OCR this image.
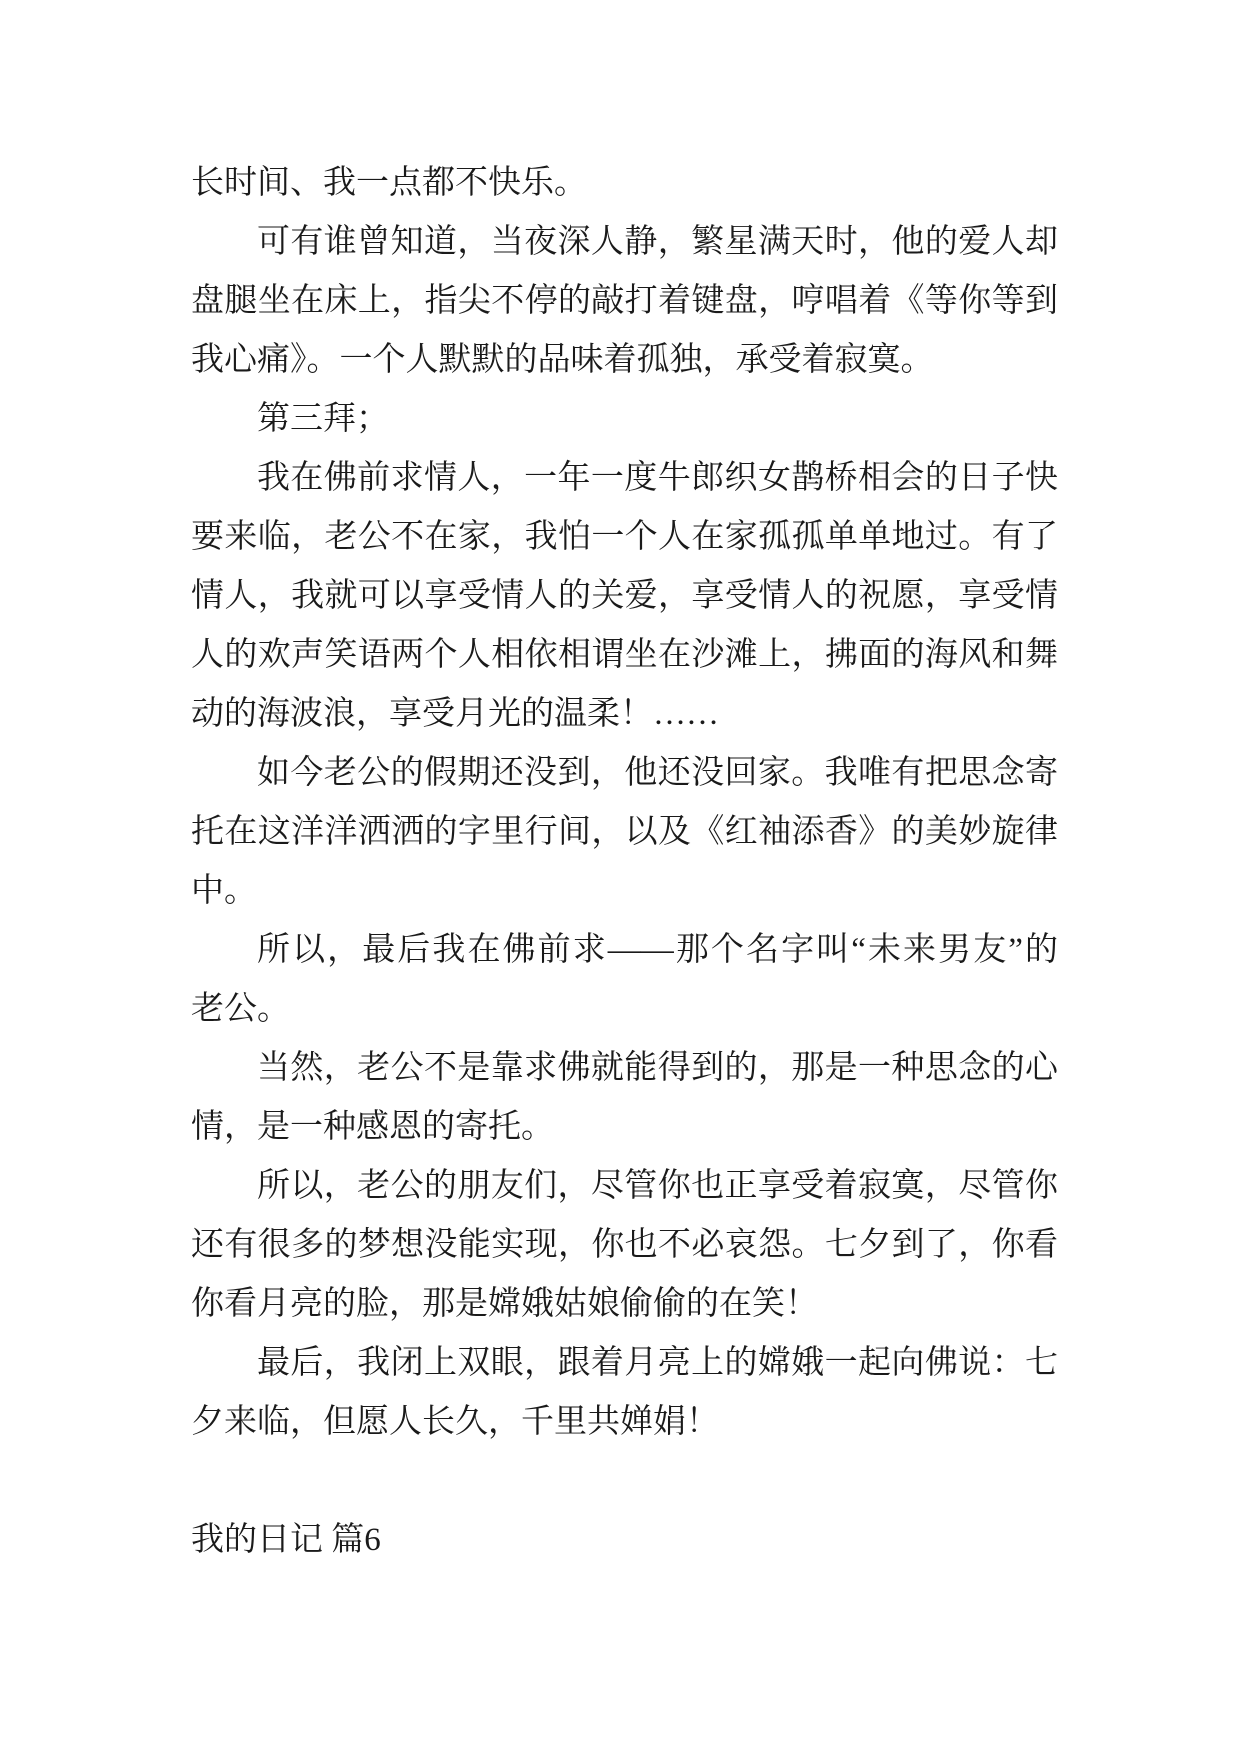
长时间、我一点都不快乐。
可有谁曾知道，当夜深人静，繁星满天时，他的爱人却
盘腿坐在床上，指尖不停的敲打着键盘，哼唱着《等你等到
我心痛》。一个人默默的品味着孤独，承受着寂寞。
第三拜；
我在佛前求情人，一年一度牛郎织女鹊桥相会的日子快
要来临，老公不在家，我怕一个人在家孤孤单单地过。有了
情人，我就可以享受情人的关爱，享受情人的祝愿，享受情
人的欢声笑语两个人相依相谓坐在沙滩上，拂面的海风和舞
动的海波浪，享受月光的温柔！……
如今老公的假期还没到，他还没回家。我唯有把思念寄
托在这洋洋洒洒的字里行间，以及《红袖添香》的美妙旋律
中。
所以，最后我在佛前求——那个名字叫“未来男友”的
老公。
当然，老公不是靠求佛就能得到的，那是一种思念的心
情，是一种感恩的寄托。
所以，老公的朋友们，尽管你也正享受着寂寞，尽管你
还有很多的梦想没能实现，你也不必哀怨。七夕到了，你看
你看月亮的脸，那是嫦娥姑娘偷偷的在笑！
最后，我闭上双眼，跟着月亮上的嫦娥一起向佛说：七
夕来临，但愿人长久，千里共婵娟！
我的日记 篇6
